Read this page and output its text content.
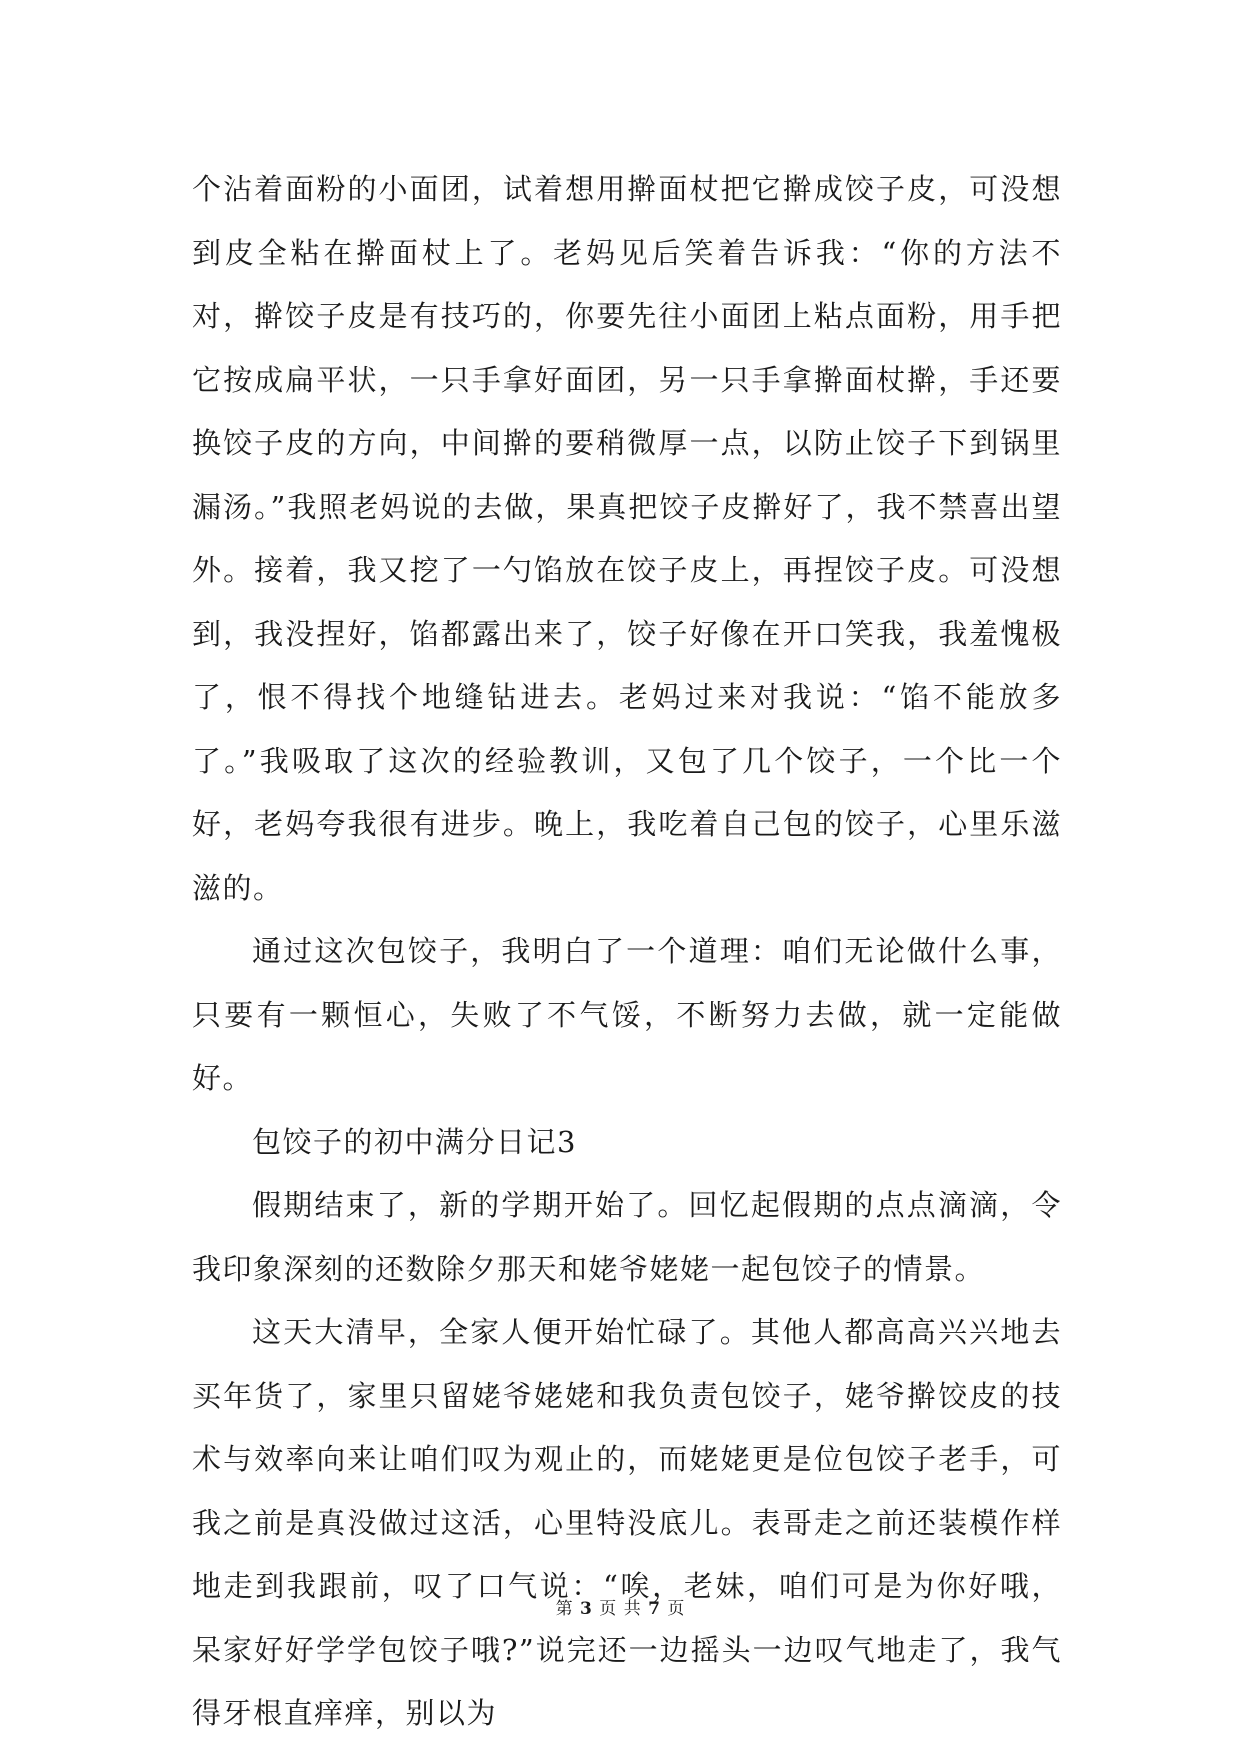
个沾着面粉的小面团，试着想用擀面杖把它擀成饺子皮，可没想到皮全粘在擀面杖上了。老妈见后笑着告诉我：“你的方法不对，擀饺子皮是有技巧的，你要先往小面团上粘点面粉，用手把它按成扁平状，一只手拿好面团，另一只手拿擀面杖擀，手还要换饺子皮的方向，中间擀的要稍微厚一点，以防止饺子下到锅里漏汤。”我照老妈说的去做，果真把饺子皮擀好了，我不禁喜出望外。接着，我又挖了一勺馅放在饺子皮上，再捏饺子皮。可没想到，我没捏好，馅都露出来了，饺子好像在开口笑我，我羞愧极了，恨不得找个地缝钻进去。老妈过来对我说：“馅不能放多了。”我吸取了这次的经验教训，又包了几个饺子，一个比一个好，老妈夸我很有进步。晚上，我吃着自己包的饺子，心里乐滋滋的。

通过这次包饺子，我明白了一个道理：咱们无论做什么事，只要有一颗恒心，失败了不气馁，不断努力去做，就一定能做好。

包饺子的初中满分日记3

假期结束了，新的学期开始了。回忆起假期的点点滴滴，令我印象深刻的还数除夕那天和姥爷姥姥一起包饺子的情景。

这天大清早，全家人便开始忙碌了。其他人都高高兴兴地去买年货了，家里只留姥爷姥姥和我负责包饺子，姥爷擀饺皮的技术与效率向来让咱们叹为观止的，而姥姥更是位包饺子老手，可我之前是真没做过这活，心里特没底儿。表哥走之前还装模作样地走到我跟前，叹了口气说：“唉，老妹，咱们可是为你好哦，呆家好好学学包饺子哦?”说完还一边摇头一边叹气地走了，我气得牙根直痒痒，别以为

第 3 页 共 7 页
